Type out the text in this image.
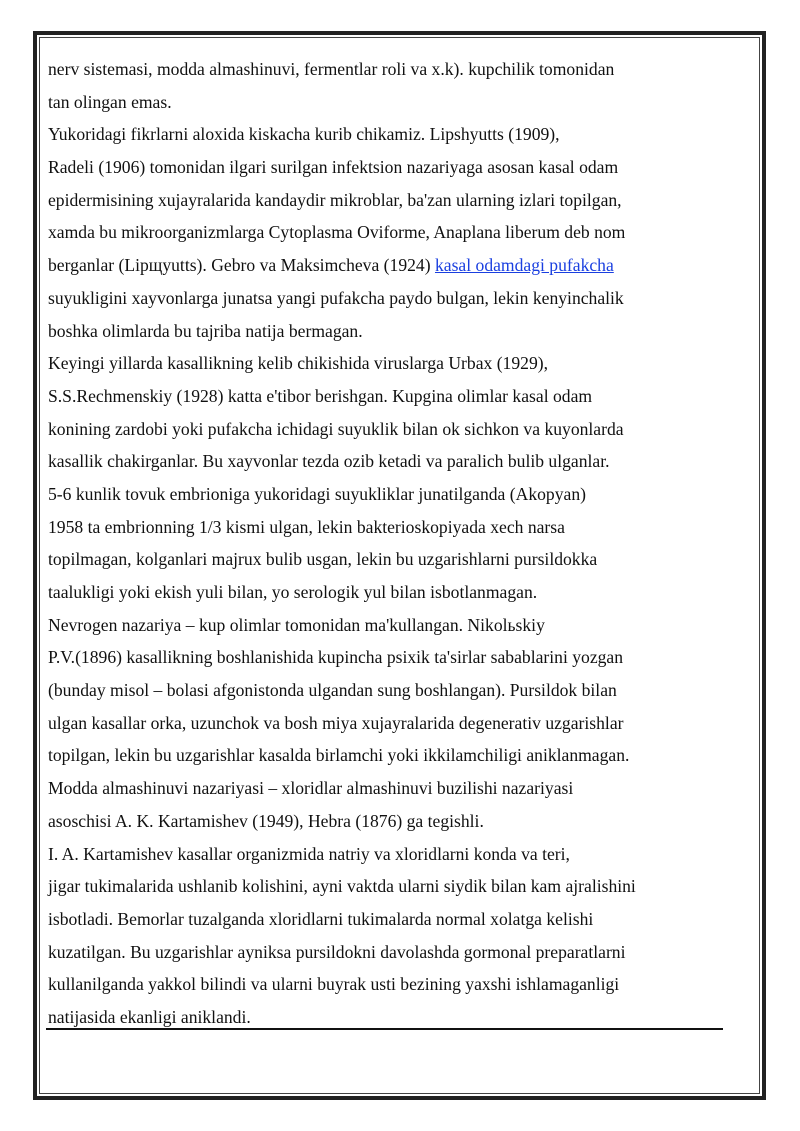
nerv sistemasi, modda almashinuvi, fermentlar roli va x.k). kupchilik tomonidan
tan olingan emas.
Yukoridagi fikrlarni aloxida kiskacha kurib chikamiz. Lipshyutts (1909),
Radeli (1906) tomonidan ilgari surilgan infektsion nazariyaga asosan kasal odam
epidermisining xujayralarida kandaydir mikroblar, ba'zan ularning izlari topilgan,
xamda bu mikroorganizmlarga Cytoplasma Oviforme, Anaplana liberum deb nom
berganlar (Lipщyutts). Gebro va Maksimcheva (1924) kasal odamdagi pufakcha
suyukligini xayvonlarga junatsa yangi pufakcha paydo bulgan, lekin kenyinchalik
boshka olimlarda bu tajriba natija bermagan.
Keyingi yillarda kasallikning kelib chikishida viruslarga Urbax (1929),
S.S.Rechmenskiy (1928) katta e'tibor berishgan. Kupgina olimlar kasal odam
konining zardobi yoki pufakcha ichidagi suyuklik bilan ok sichkon va kuyonlarda
kasallik chakirganlar. Bu xayvonlar tezda ozib ketadi va paralich bulib ulganlar.
5-6 kunlik tovuk embrioniga yukoridagi suyukliklar junatilganda (Akopyan)
1958 ta embrionning 1/3 kismi ulgan, lekin bakterioskopiyada xech narsa
topilmagan, kolganlari majrux bulib usgan, lekin bu uzgarishlarni pursildokka
taalukligi yoki ekish yuli bilan, yo serologik yul bilan isbotlanmagan.
Nevrogen nazariya – kup olimlar tomonidan ma'kullangan. Nikolьskiy
P.V.(1896) kasallikning boshlanishida kupincha psixik ta'sirlar sabablarini yozgan
(bunday misol – bolasi afgonistonda ulgandan sung boshlangan). Pursildok bilan
ulgan kasallar orka, uzunchok va bosh miya xujayralarida degenerativ uzgarishlar
topilgan, lekin bu uzgarishlar kasalda birlamchi yoki ikkilamchiligi aniklanmagan.
Modda almashinuvi nazariyasi – xloridlar almashinuvi buzilishi nazariyasi
asoschisi A. K. Kartamishev (1949), Hebra (1876) ga tegishli.
I. A. Kartamishev kasallar organizmida natriy va xloridlarni konda va teri,
jigar tukimalarida ushlanib kolishini, ayni vaktda ularni siydik bilan kam ajralishini
isbotladi. Bemorlar tuzalganda xloridlarni tukimalarda normal xolatga kelishi
kuzatilgan. Bu uzgarishlar ayniksa pursildokni davolashda gormonal preparatlarni
kullanilganda yakkol bilindi va ularni buyrak usti bezining yaxshi ishlamaganligi
natijasida ekanligi aniklandi.
